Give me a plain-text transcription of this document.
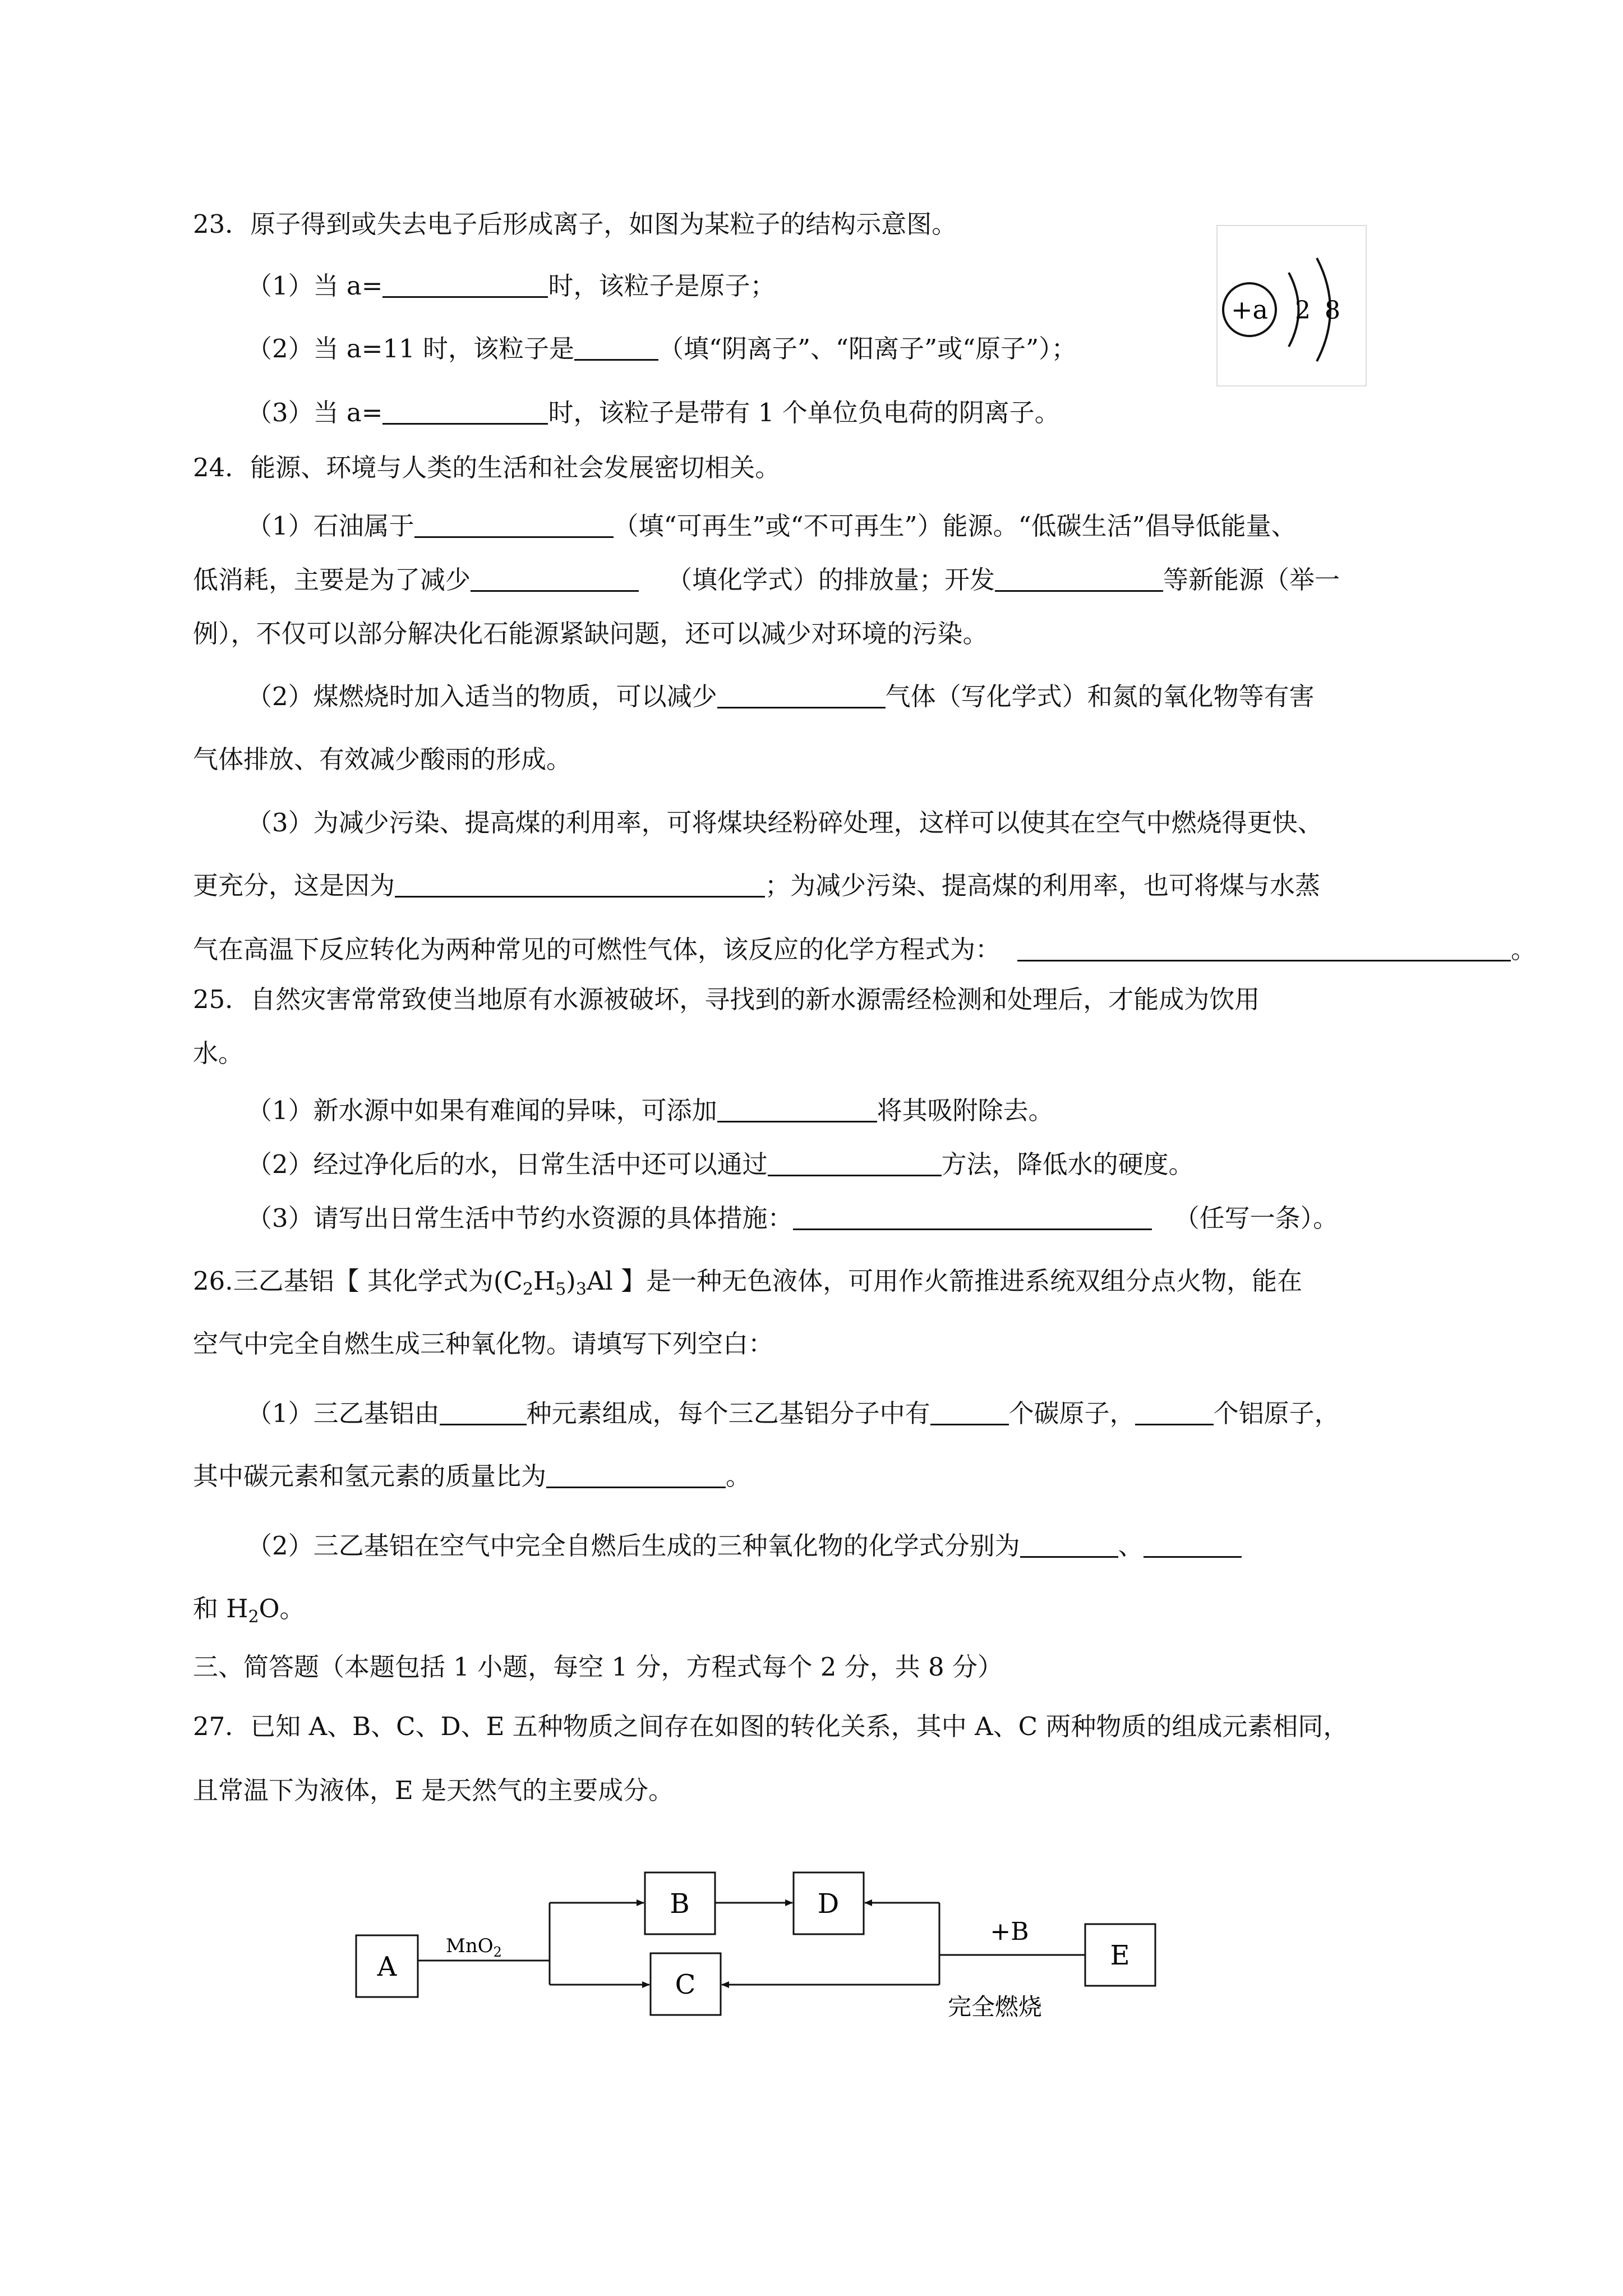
23．原子得到或失去电子后形成离子，如图为某粒子的结构示意图。
（1）当 a=	时，该粒子是原子；
（2）当 a=11 时，该粒子是	（填“阴离子”、“阳离子”或“原子”）；
（3）当 a=	时，该粒子是带有 1 个单位负电荷的阴离子。
+a 2 8
24．能源、环境与人类的生活和社会发展密切相关。
（1）石油属于	（填“可再生”或“不可再生”）能源。“低碳生活”倡导低能量、
低消耗，主要是为了减少	（填化学式）的排放量；开发	等新能源（举一
例），不仅可以部分解决化石能源紧缺问题，还可以减少对环境的污染。
（2）煤燃烧时加入适当的物质，可以减少	气体（写化学式）和氮的氧化物等有害
气体排放、有效减少酸雨的形成。
（3）为减少污染、提高煤的利用率，可将煤块经粉碎处理，这样可以使其在空气中燃烧得更快、
更充分，这是因为	；为减少污染、提高煤的利用率，也可将煤与水蒸
气在高温下反应转化为两种常见的可燃性气体，该反应的化学方程式为：	。
25．自然灾害常常致使当地原有水源被破坏，寻找到的新水源需经检测和处理后，才能成为饮用
水。
（1）新水源中如果有难闻的异味，可添加	将其吸附除去。
（2）经过净化后的水，日常生活中还可以通过	方法，降低水的硬度。
（3）请写出日常生活中节约水资源的具体措施：	（任写一条）。
26.三乙基铝【 其化学式为$(C_2H_5)_3Al$ 】是一种无色液体，可用作火箭推进系统双组分点火物，能在
空气中完全自燃生成三种氧化物。请填写下列空白：
（1）三乙基铝由	种元素组成，每个三乙基铝分子中有	个碳原子，	个铝原子，
其中碳元素和氢元素的质量比为	。
（2）三乙基铝在空气中完全自燃后生成的三种氧化物的化学式分别为	、
和 $H_2O$。
三、简答题（本题包括 1 小题，每空 1 分，方程式每个 2 分，共 8 分）
27．已知 A、B、C、D、E 五种物质之间存在如图的转化关系，其中 A、C 两种物质的组成元素相同，
且常温下为液体，E 是天然气的主要成分。
A
B	D
C
E
MnO$_2$
+B
完全燃烧
